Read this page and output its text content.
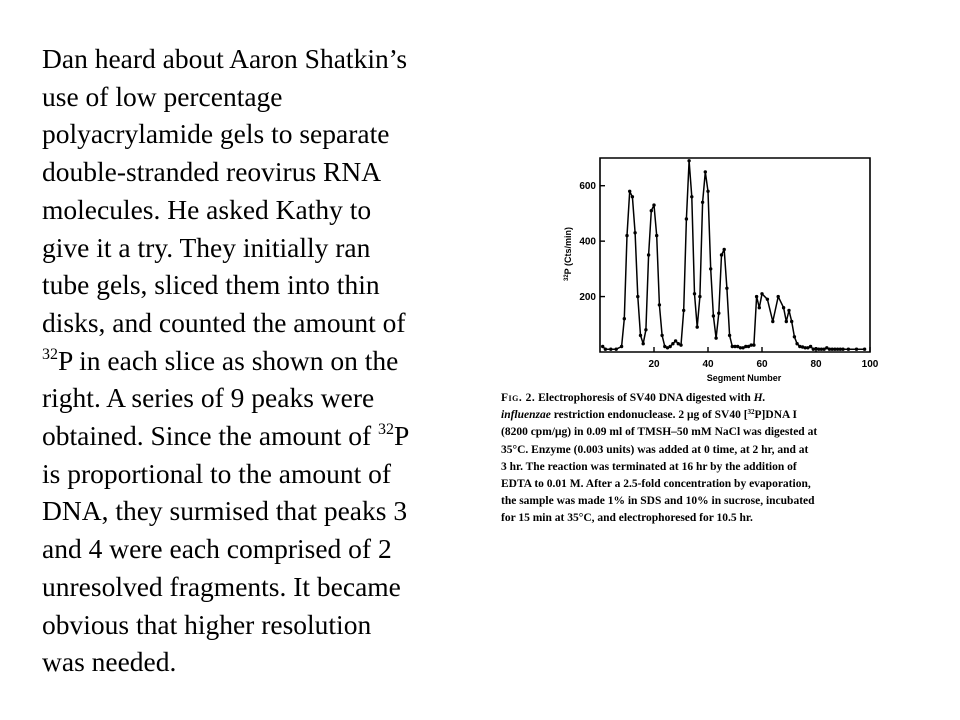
Dan heard about Aaron Shatkin’s
use of low percentage
polyacrylamide gels to separate
double-stranded reovirus RNA
molecules. He asked Kathy to
give it a try. They initially ran
tube gels, sliced them into thin
disks, and counted the amount of
$^{32}$P in each slice as shown on the
right. A series of 9 peaks were
obtained. Since the amount of $^{32}$P
is proportional to the amount of
DNA, they surmised that peaks 3
and 4 were each comprised of 2
unresolved fragments. It became
obvious that higher resolution
was needed.
200
400
600
20	40	60	80	100
Segment Number
$^{32}$P (Cts/min)
Fig. 2. Electrophoresis of SV40 DNA digested with H.
influenzae restriction endonuclease. 2 μg of SV40 [$^{32}$P]DNA I
(8200 cpm/μg) in 0.09 ml of TMSH–50 mM NaCl was digested at
35°C. Enzyme (0.003 units) was added at 0 time, at 2 hr, and at
3 hr. The reaction was terminated at 16 hr by the addition of
EDTA to 0.01 M. After a 2.5-fold concentration by evaporation,
the sample was made 1% in SDS and 10% in sucrose, incubated
for 15 min at 35°C, and electrophoresed for 10.5 hr.
